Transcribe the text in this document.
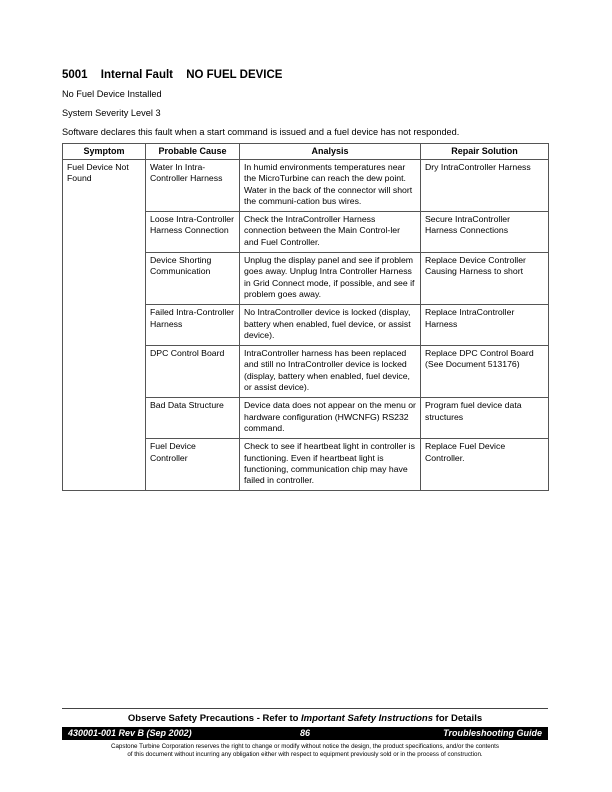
5001 Internal Fault NO FUEL DEVICE
No Fuel Device Installed
System Severity Level 3
Software declares this fault when a start command is issued and a fuel device has not responded.
Symptom	Probable Cause	Analysis	Repair Solution
Fuel Device Not Found	Water In Intra-Controller Harness	In humid environments temperatures near the MicroTurbine can reach the dew point. Water in the back of the connector will short the communi-cation bus wires.	Dry IntraController Harness
	Loose Intra-Controller Harness Connection	Check the IntraController Harness connection between the Main Control-ler and Fuel Controller.	Secure IntraController Harness Connections
	Device Shorting Communication	Unplug the display panel and see if problem goes away. Unplug Intra Controller Harness in Grid Connect mode, if possible, and see if problem goes away.	Replace Device Controller Causing Harness to short
	Failed Intra-Controller Harness	No IntraController device is locked (display, battery when enabled, fuel device, or assist device).	Replace IntraController Harness
	DPC Control Board	IntraController harness has been replaced and still no IntraController device is locked (display, battery when enabled, fuel device, or assist device).	Replace DPC Control Board (See Document 513176)
	Bad Data Structure	Device data does not appear on the menu or hardware configuration (HWCNFG) RS232 command.	Program fuel device data structures
	Fuel Device Controller	Check to see if heartbeat light in controller is functioning. Even if heartbeat light is functioning, communication chip may have failed in controller.	Replace Fuel Device Controller.
Observe Safety Precautions - Refer to Important Safety Instructions for Details
86
430001-001 Rev B (Sep 2002)	Troubleshooting Guide
Capstone Turbine Corporation reserves the right to change or modify without notice the design, the product specifications, and/or the contents
of this document without incurring any obligation either with respect to equipment previously sold or in the process of construction.
